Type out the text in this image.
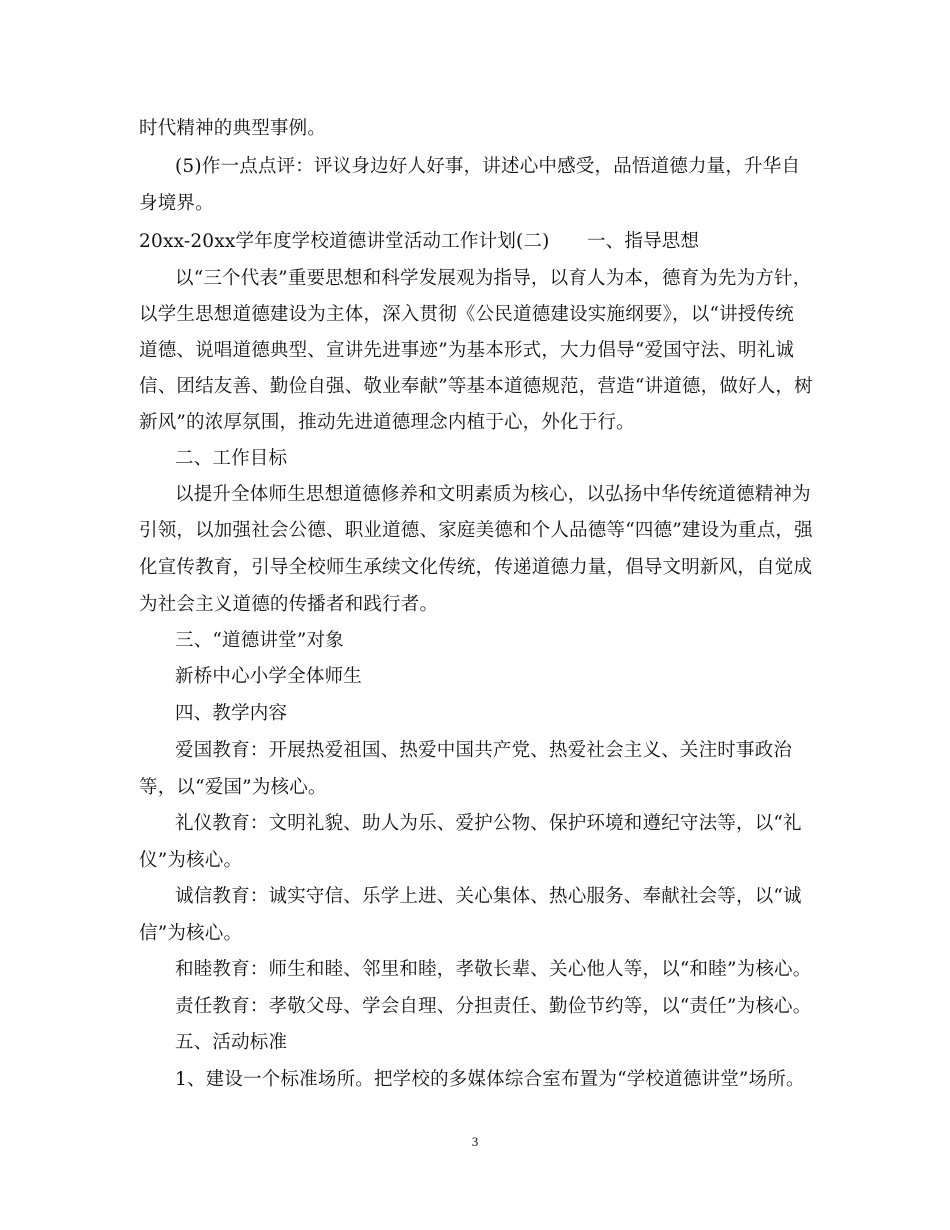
时代精神的典型事例。
(5)作一点点评：评议身边好人好事，讲述心中感受，品悟道德力量，升华自
身境界。
20xx-20xx学年度学校道德讲堂活动工作计划(二)　　一、指导思想
以“三个代表”重要思想和科学发展观为指导，以育人为本，德育为先为方针，
以学生思想道德建设为主体，深入贯彻《公民道德建设实施纲要》，以“讲授传统
道德、说唱道德典型、宣讲先进事迹”为基本形式，大力倡导“爱国守法、明礼诚
信、团结友善、勤俭自强、敬业奉献”等基本道德规范，营造“讲道德，做好人，树
新风”的浓厚氛围，推动先进道德理念内植于心，外化于行。
二、工作目标
以提升全体师生思想道德修养和文明素质为核心，以弘扬中华传统道德精神为
引领，以加强社会公德、职业道德、家庭美德和个人品德等“四德”建设为重点，强
化宣传教育，引导全校师生承续文化传统，传递道德力量，倡导文明新风，自觉成
为社会主义道德的传播者和践行者。
三、“道德讲堂”对象
新桥中心小学全体师生
四、教学内容
爱国教育：开展热爱祖国、热爱中国共产党、热爱社会主义、关注时事政治
等，以“爱国”为核心。
礼仪教育：文明礼貌、助人为乐、爱护公物、保护环境和遵纪守法等，以“礼
仪”为核心。
诚信教育：诚实守信、乐学上进、关心集体、热心服务、奉献社会等，以“诚
信”为核心。
和睦教育：师生和睦、邻里和睦，孝敬长辈、关心他人等，以“和睦”为核心。
责任教育：孝敬父母、学会自理、分担责任、勤俭节约等，以“责任”为核心。
五、活动标准
1、建设一个标准场所。把学校的多媒体综合室布置为“学校道德讲堂”场所。
3
